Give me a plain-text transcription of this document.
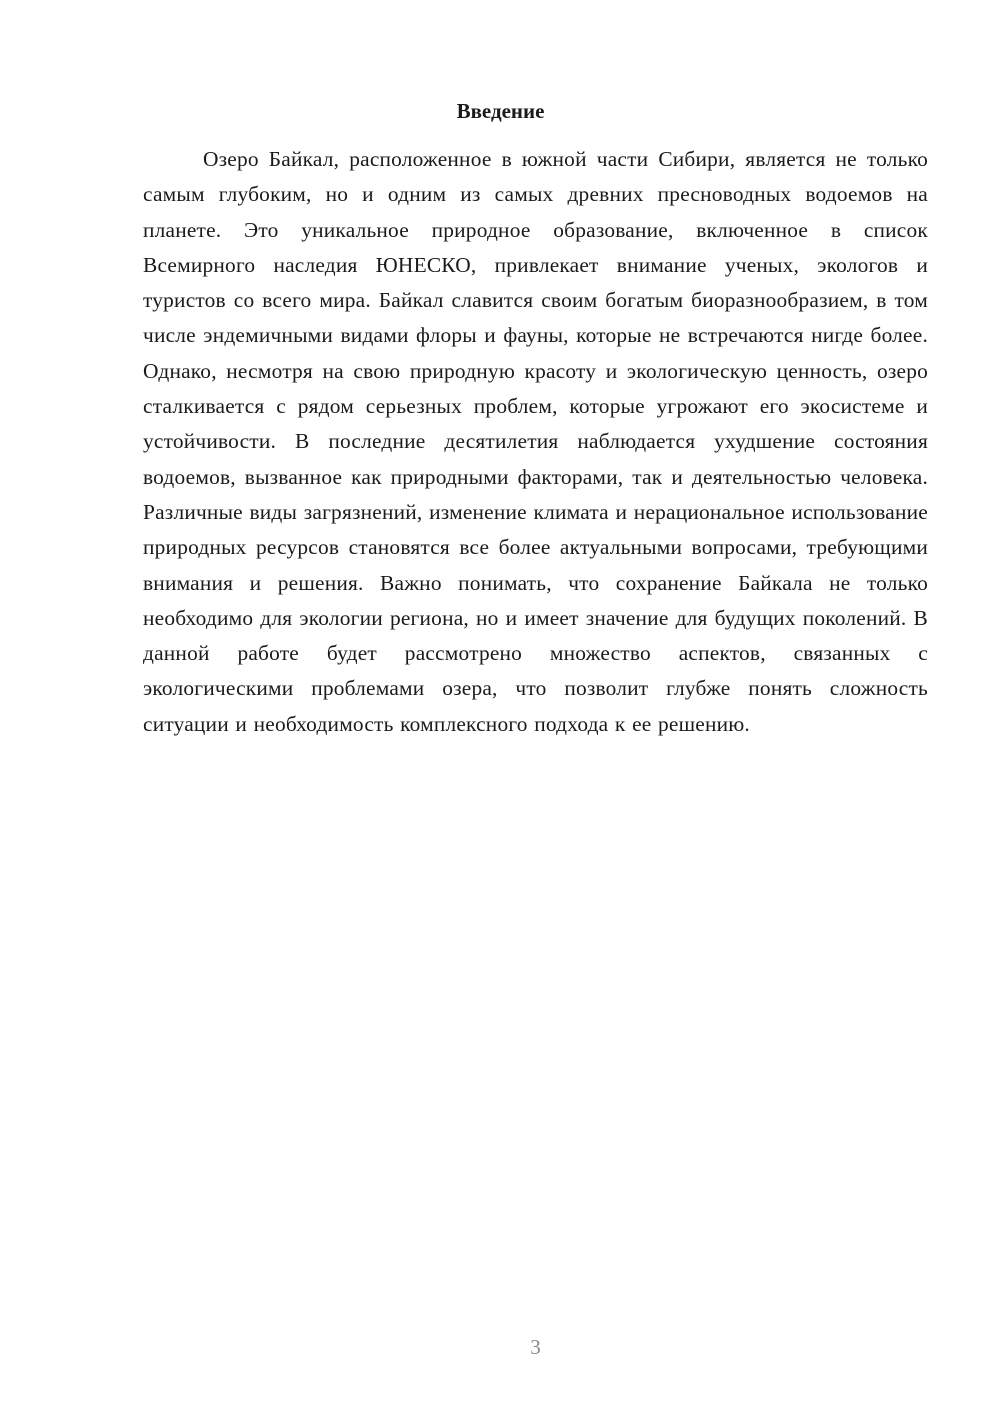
Введение

Озеро Байкал, расположенное в южной части Сибири, является не только самым глубоким, но и одним из самых древних пресноводных водоемов на планете. Это уникальное природное образование, включенное в список Всемирного наследия ЮНЕСКО, привлекает внимание ученых, экологов и туристов со всего мира. Байкал славится своим богатым биоразнообразием, в том числе эндемичными видами флоры и фауны, которые не встречаются нигде более. Однако, несмотря на свою природную красоту и экологическую ценность, озеро сталкивается с рядом серьезных проблем, которые угрожают его экосистеме и устойчивости. В последние десятилетия наблюдается ухудшение состояния водоемов, вызванное как природными факторами, так и деятельностью человека. Различные виды загрязнений, изменение климата и нерациональное использование природных ресурсов становятся все более актуальными вопросами, требующими внимания и решения. Важно понимать, что сохранение Байкала не только необходимо для экологии региона, но и имеет значение для будущих поколений. В данной работе будет рассмотрено множество аспектов, связанных с экологическими проблемами озера, что позволит глубже понять сложность ситуации и необходимость комплексного подхода к ее решению.

3
